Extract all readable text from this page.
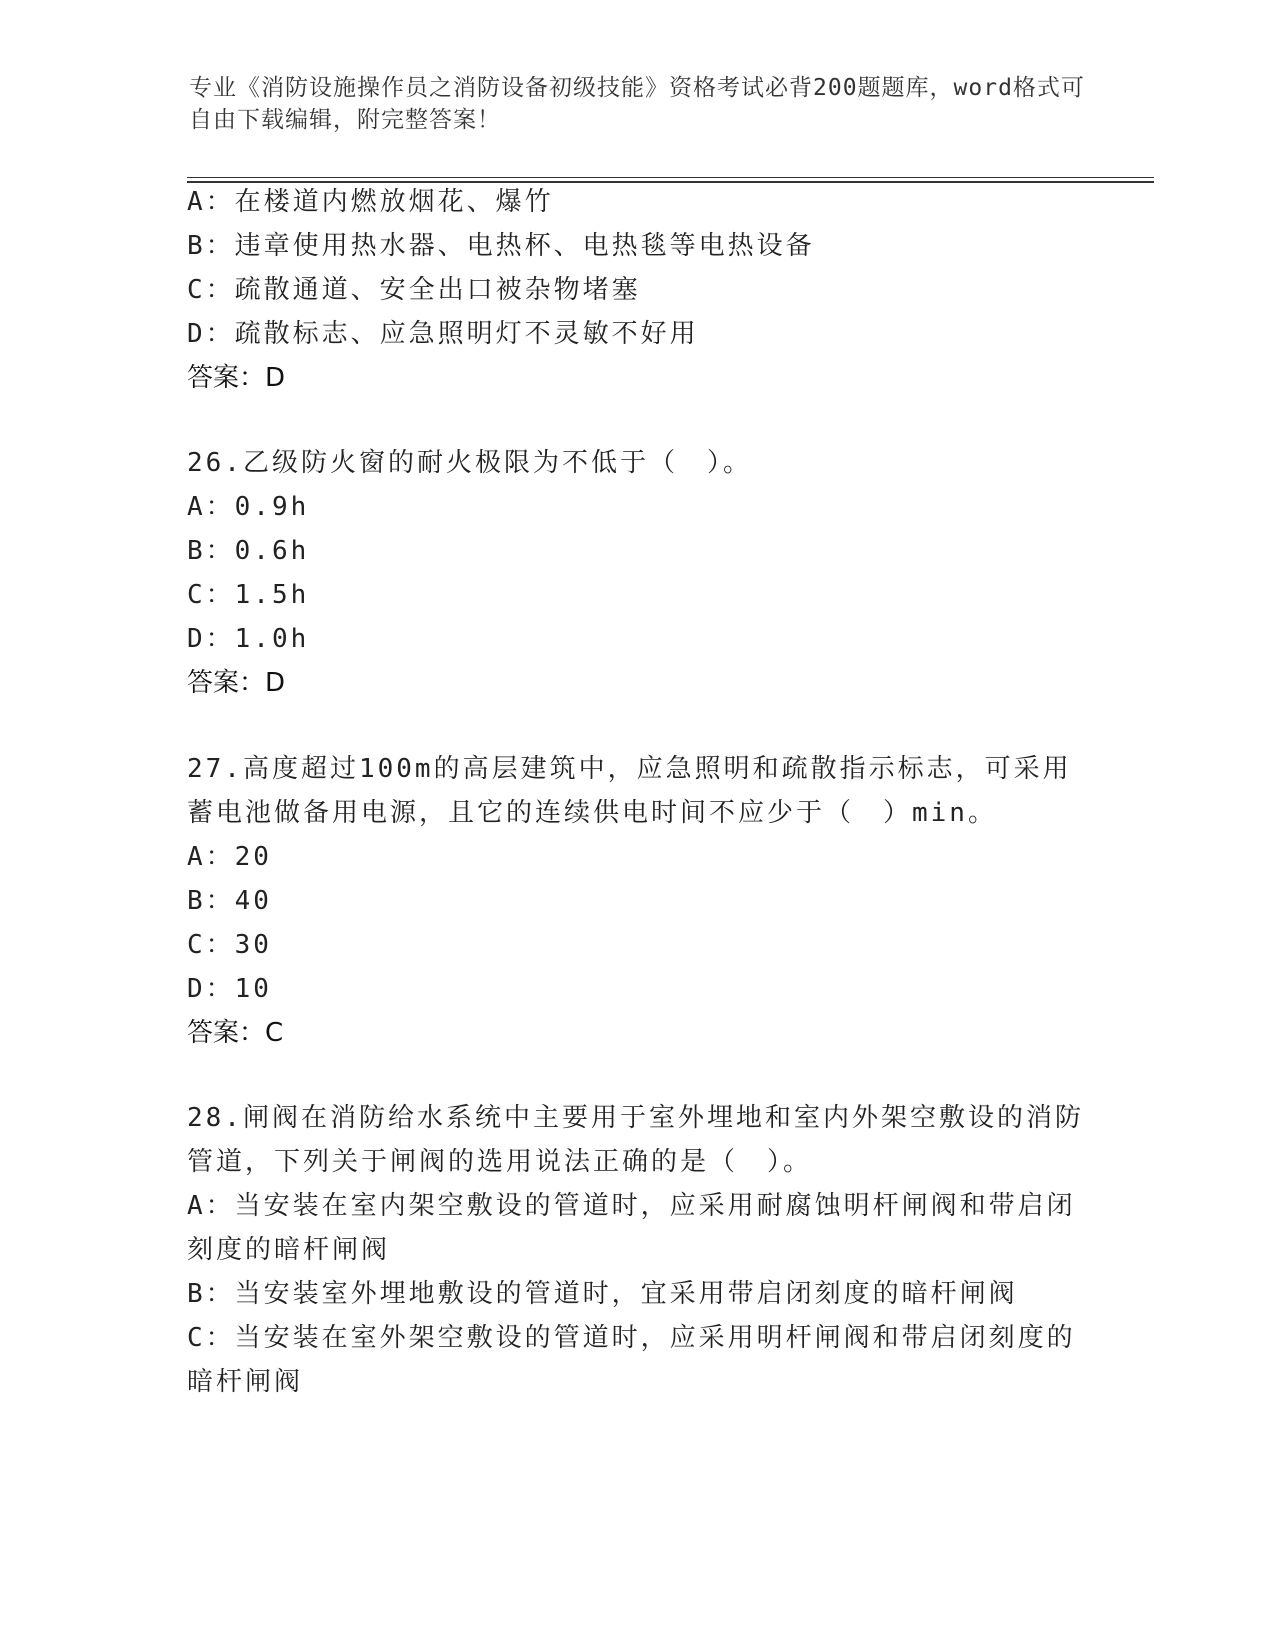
专业《消防设施操作员之消防设备初级技能》资格考试必背200题题库，word格式可自由下载编辑，附完整答案！
A：在楼道内燃放烟花、爆竹
B：违章使用热水器、电热杯、电热毯等电热设备
C：疏散通道、安全出口被杂物堵塞
D：疏散标志、应急照明灯不灵敏不好用
答案：D
26.乙级防火窗的耐火极限为不低于（　）。
A：0.9h
B：0.6h
C：1.5h
D：1.0h
答案：D
27.高度超过100m的高层建筑中，应急照明和疏散指示标志，可采用
蓄电池做备用电源，且它的连续供电时间不应少于（　）min。
A：20
B：40
C：30
D：10
答案：C
28.闸阀在消防给水系统中主要用于室外埋地和室内外架空敷设的消防
管道，下列关于闸阀的选用说法正确的是（　）。
A：当安装在室内架空敷设的管道时，应采用耐腐蚀明杆闸阀和带启闭
刻度的暗杆闸阀
B：当安装室外埋地敷设的管道时，宜采用带启闭刻度的暗杆闸阀
C：当安装在室外架空敷设的管道时，应采用明杆闸阀和带启闭刻度的
暗杆闸阀
